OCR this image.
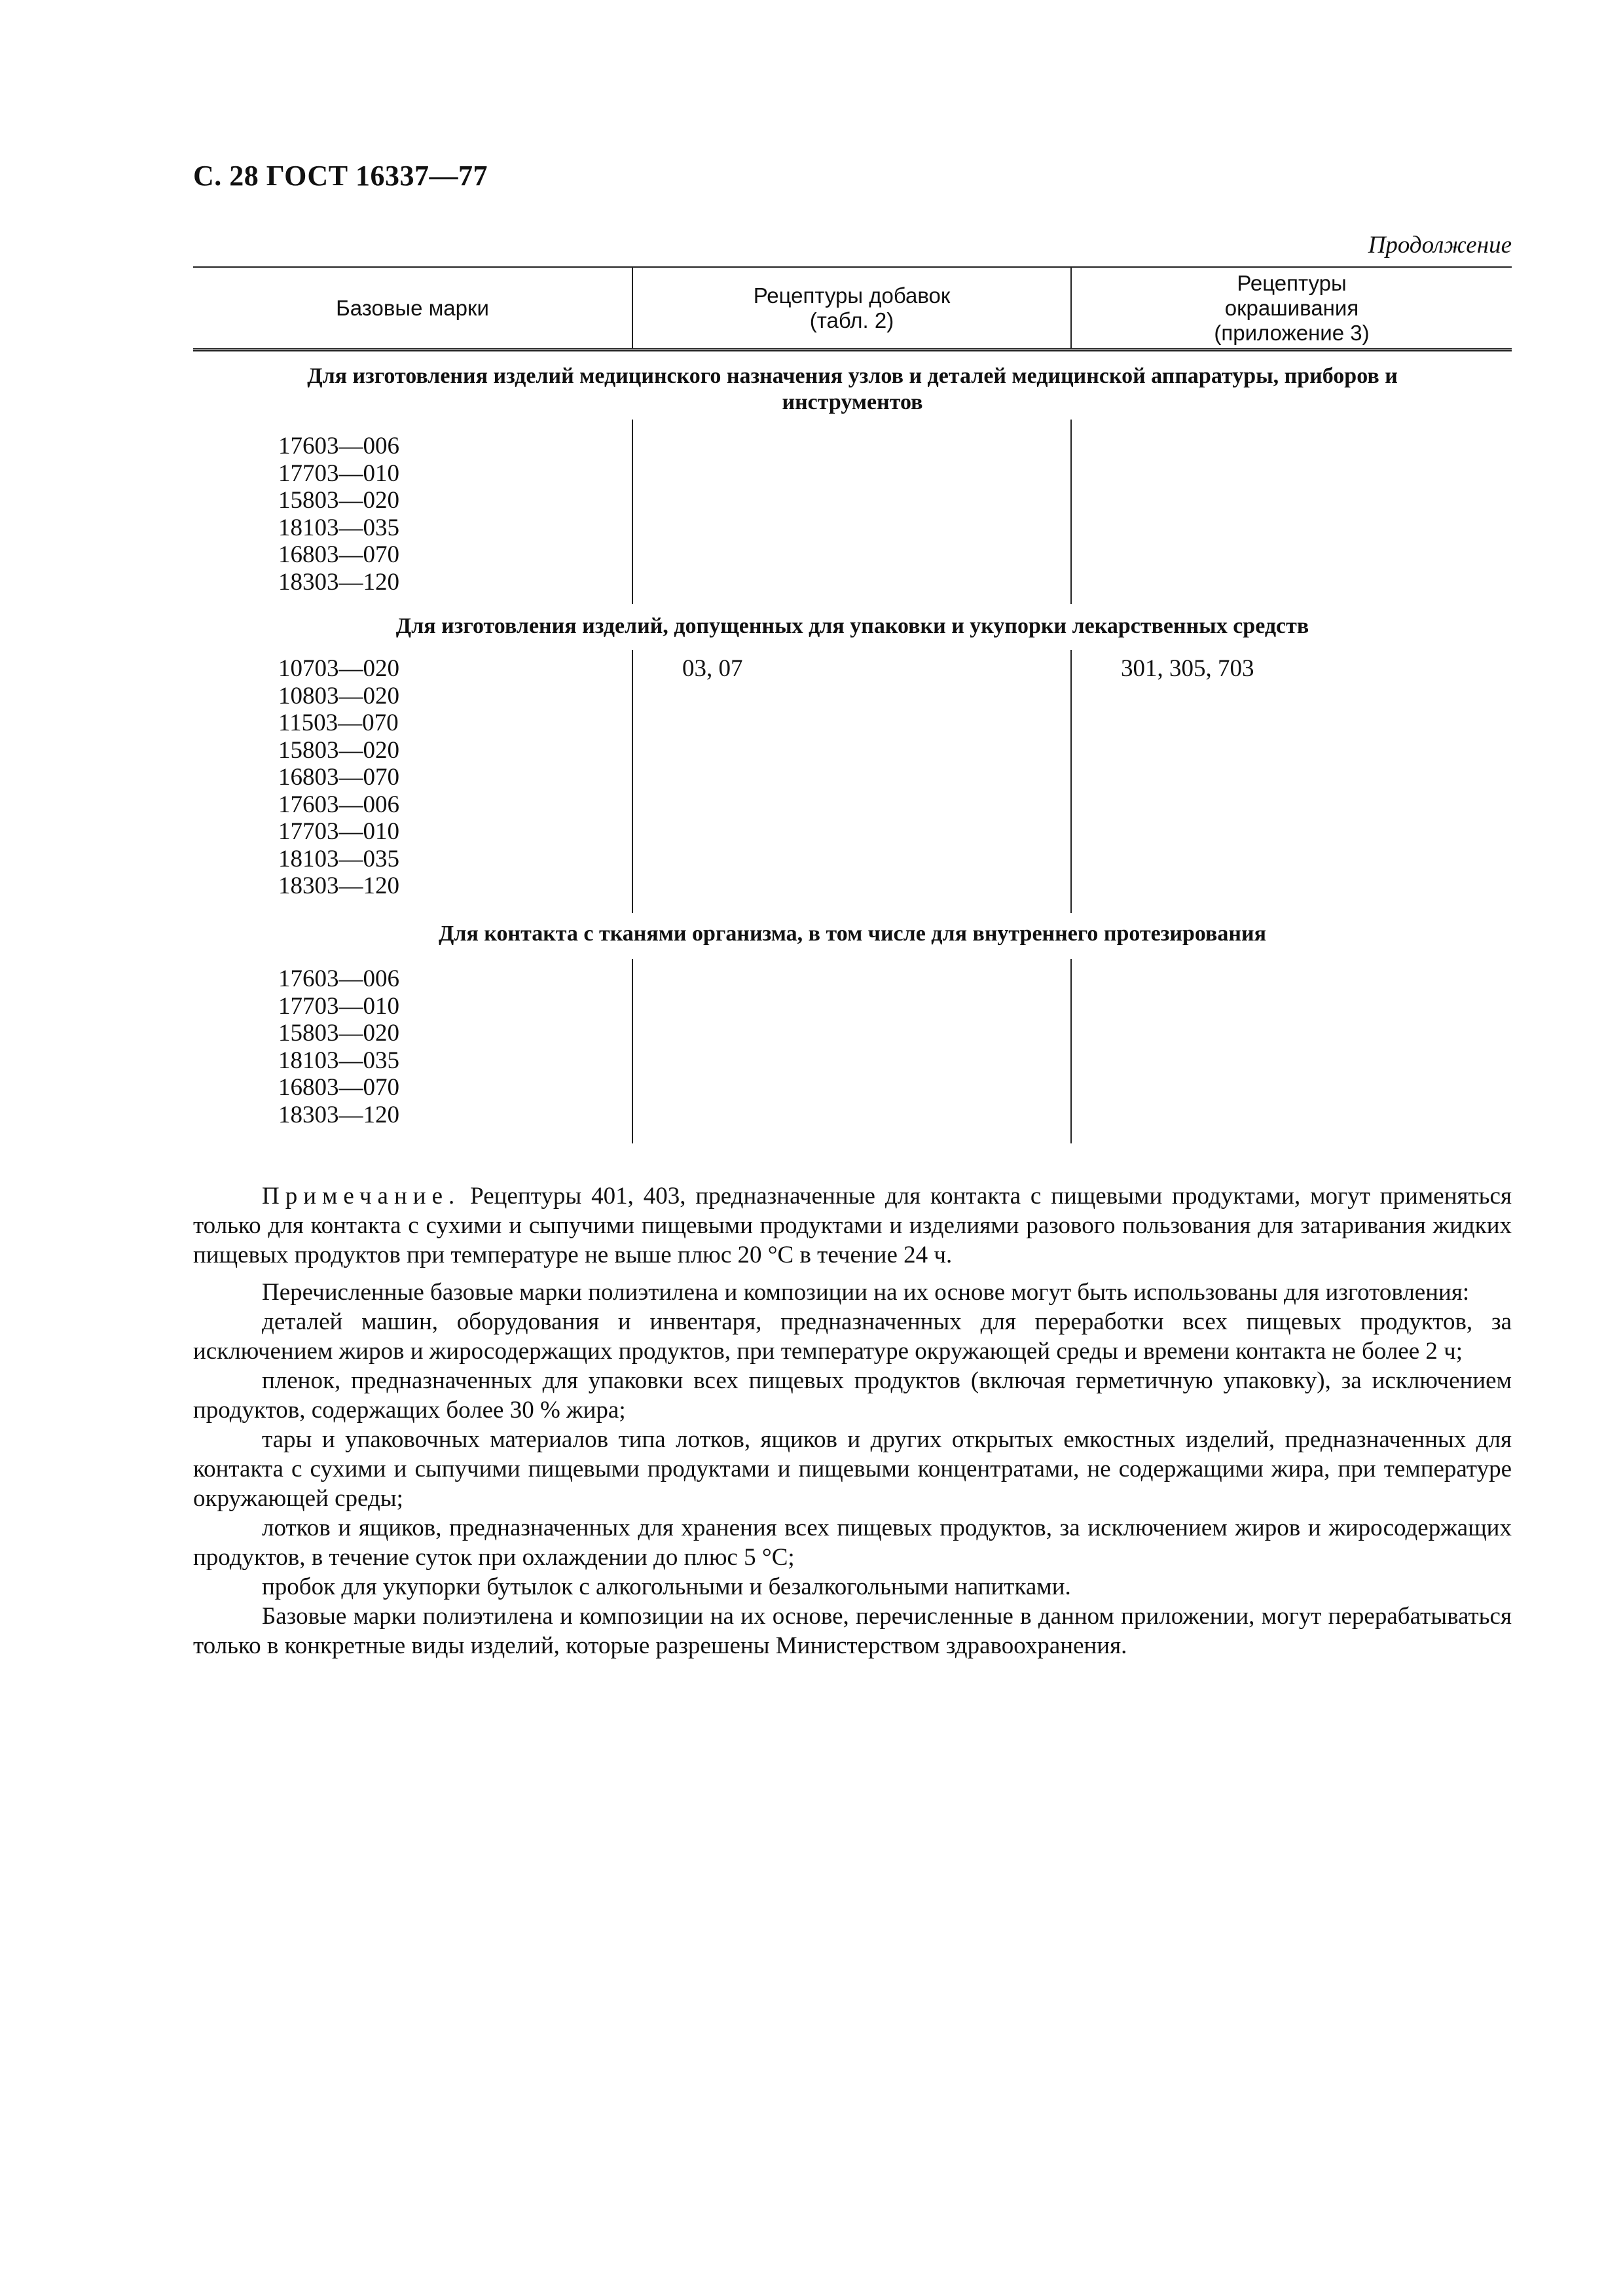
С. 28 ГОСТ 16337—77
Продолжение
Базовые марки
Рецептуры добавок (табл. 2)
Рецептуры окрашивания (приложение 3)
Для изготовления изделий медицинского назначения узлов и деталей медицинской аппаратуры, приборов и инструментов
17603—006
17703—010
15803—020
18103—035
16803—070
18303—120
Для изготовления изделий, допущенных для упаковки и укупорки лекарственных средств
10703—020
10803—020
11503—070
15803—020
16803—070
17603—006
17703—010
18103—035
18303—120
03, 07	301, 305, 703
Для контакта с тканями организма, в том числе для внутреннего протезирования
17603—006
17703—010
15803—020
18103—035
16803—070
18303—120

Примечание. Рецептуры 401, 403, предназначенные для контакта с пищевыми продуктами, могут применяться только для контакта с сухими и сыпучими пищевыми продуктами и изделиями разового пользования для затаривания жидких пищевых продуктов при температуре не выше плюс 20 °С в течение 24 ч.

Перечисленные базовые марки полиэтилена и композиции на их основе могут быть использованы для изготовления:

деталей машин, оборудования и инвентаря, предназначенных для переработки всех пищевых продуктов, за исключением жиров и жиросодержащих продуктов, при температуре окружающей среды и времени контакта не более 2 ч;

пленок, предназначенных для упаковки всех пищевых продуктов (включая герметичную упаковку), за исключением продуктов, содержащих более 30 % жира;

тары и упаковочных материалов типа лотков, ящиков и других открытых емкостных изделий, предназначенных для контакта с сухими и сыпучими пищевыми продуктами и пищевыми концентратами, не содержащими жира, при температуре окружающей среды;

лотков и ящиков, предназначенных для хранения всех пищевых продуктов, за исключением жиров и жиросодержащих продуктов, в течение суток при охлаждении до плюс 5 °С;

пробок для укупорки бутылок с алкогольными и безалкогольными напитками.

Базовые марки полиэтилена и композиции на их основе, перечисленные в данном приложении, могут перерабатываться только в конкретные виды изделий, которые разрешены Министерством здравоохранения.
